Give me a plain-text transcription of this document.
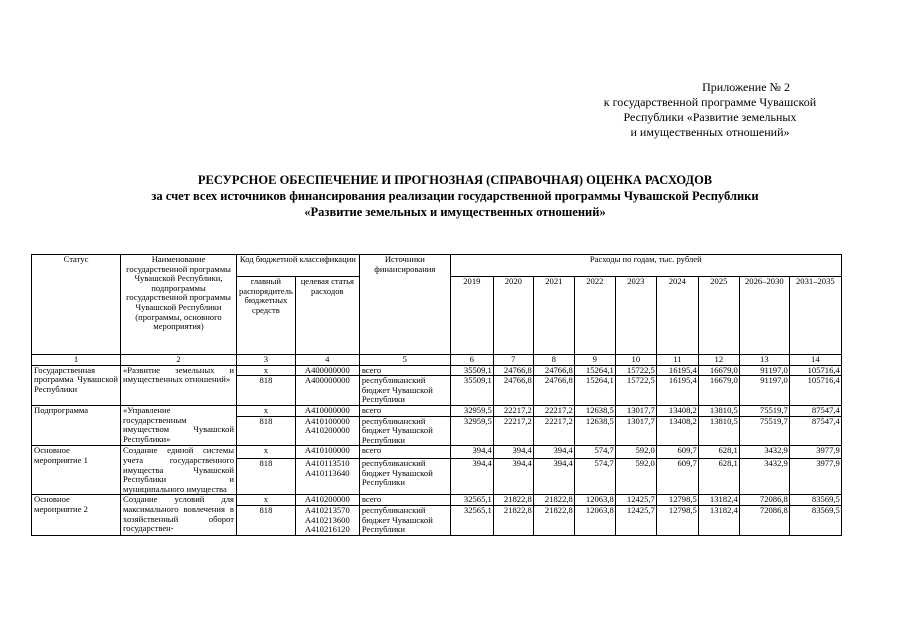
Приложение № 2
к государственной программе Чувашской
Республики «Развитие земельных
и имущественных отношений»
РЕСУРСНОЕ ОБЕСПЕЧЕНИЕ И ПРОГНОЗНАЯ (СПРАВОЧНАЯ) ОЦЕНКА РАСХОДОВ
за счет всех источников финансирования реализации государственной программы Чувашской Республики
«Развитие земельных и имущественных отношений»
Статус	Наименование государственной программы Чувашской Республики, подпрограммы государственной программы Чувашской Республики (программы, основного мероприятия)	Код бюджетной классификации		Источники финансирования	Расходы по годам, тыс. рублей								
		главный распорядитель бюджетных средств	целевая статья расходов		2019	2020	2021	2022	2023	2024	2025	2026–2030	2031–2035
1	2	3	4	5	6	7	8	9	10	11	12	13	14
Государственная программа Чувашской Республики	«Развитие земельных и имущественных отношений»	х	А400000000	всего	35509,1	24766,8	24766,8	15264,1	15722,5	16195,4	16679,0	91197,0	105716,4
		818	А400000000	республиканский бюджет Чувашской Республики	35509,1	24766,8	24766,8	15264,1	15722,5	16195,4	16679,0	91197,0	105716,4
Подпрограмма	«Управление государственным имуществом Чувашской Республики»	х	А410000000	всего	32959,5	22217,2	22217,2	12638,5	13017,7	13408,2	13810,5	75519,7	87547,4
		818	А410100000 А410200000	республиканский бюджет Чувашской Республики	32959,5	22217,2	22217,2	12638,5	13017,7	13408,2	13810,5	75519,7	87547,4
Основное мероприятие 1	Создание единой системы учета государственного имущества Чувашской Республики и муниципального имущества	х	А410100000	всего	394,4	394,4	394,4	574,7	592,0	609,7	628,1	3432,9	3977,9
		818	А410113510 А410113640	республиканский бюджет Чувашской Республики	394,4	394,4	394,4	574,7	592,0	609,7	628,1	3432,9	3977,9
Основное мероприятие 2	Создание условий для максимального вовлечения в хозяйственный оборот государствен-	х	А410200000	всего	32565,1	21822,8	21822,8	12063,8	12425,7	12798,5	13182,4	72086,8	83569,5
		818	А410213570 А410213600 А410216120	республиканский бюджет Чувашской Республики	32565,1	21822,8	21822,8	12063,8	12425,7	12798,5	13182,4	72086,8	83569,5
